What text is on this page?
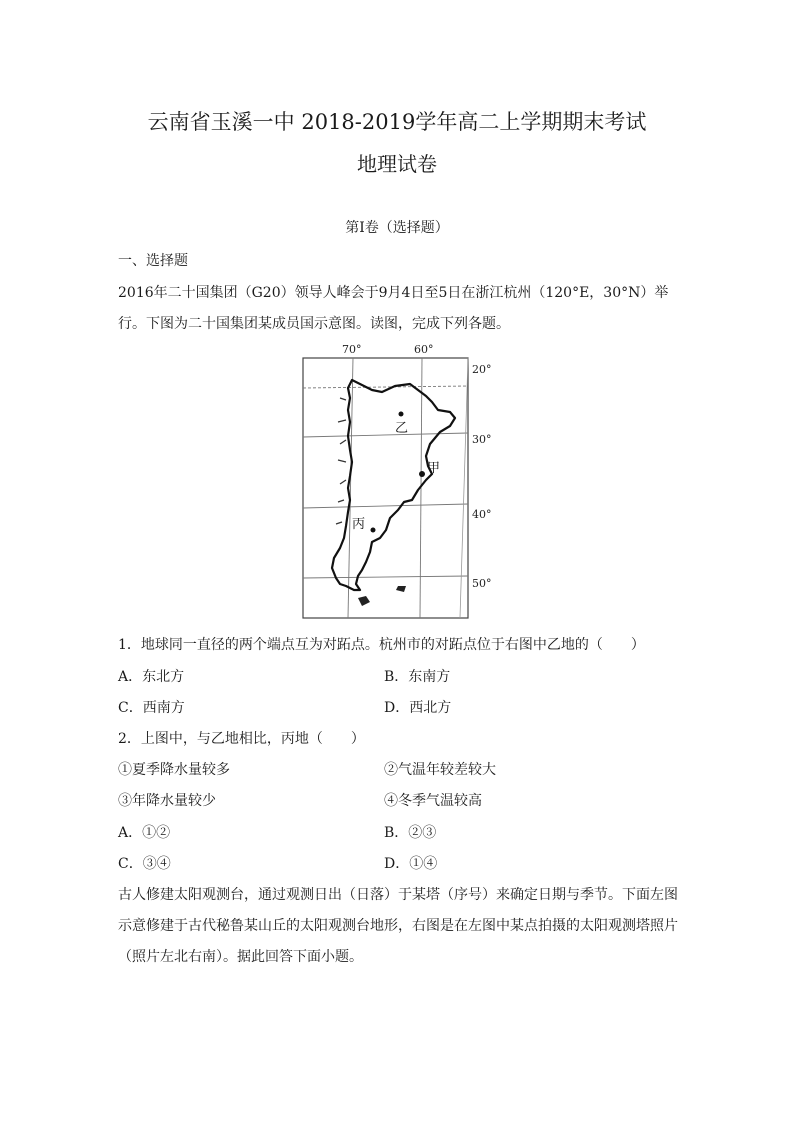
云南省玉溪一中 2018-2019学年高二上学期期末考试
地理试卷
第Ⅰ卷（选择题）
一、选择题
2016年二十国集团（G20）领导人峰会于9月4日至5日在浙江杭州（120°E，30°N）举
行。下图为二十国集团某成员国示意图。读图，完成下列各题。
乙
甲
丙
70°	60°
20°
30°
40°
50°
1．地球同一直径的两个端点互为对跖点。杭州市的对跖点位于右图中乙地的（　　）
A．东北方	B．东南方
C．西南方	D．西北方
2．上图中，与乙地相比，丙地（　　）
①夏季降水量较多	②气温年较差较大
③年降水量较少	④冬季气温较高
A．①②	B．②③
C．③④	D．①④
古人修建太阳观测台，通过观测日出（日落）于某塔（序号）来确定日期与季节。下面左图
示意修建于古代秘鲁某山丘的太阳观测台地形，右图是在左图中某点拍摄的太阳观测塔照片
（照片左北右南）。据此回答下面小题。
